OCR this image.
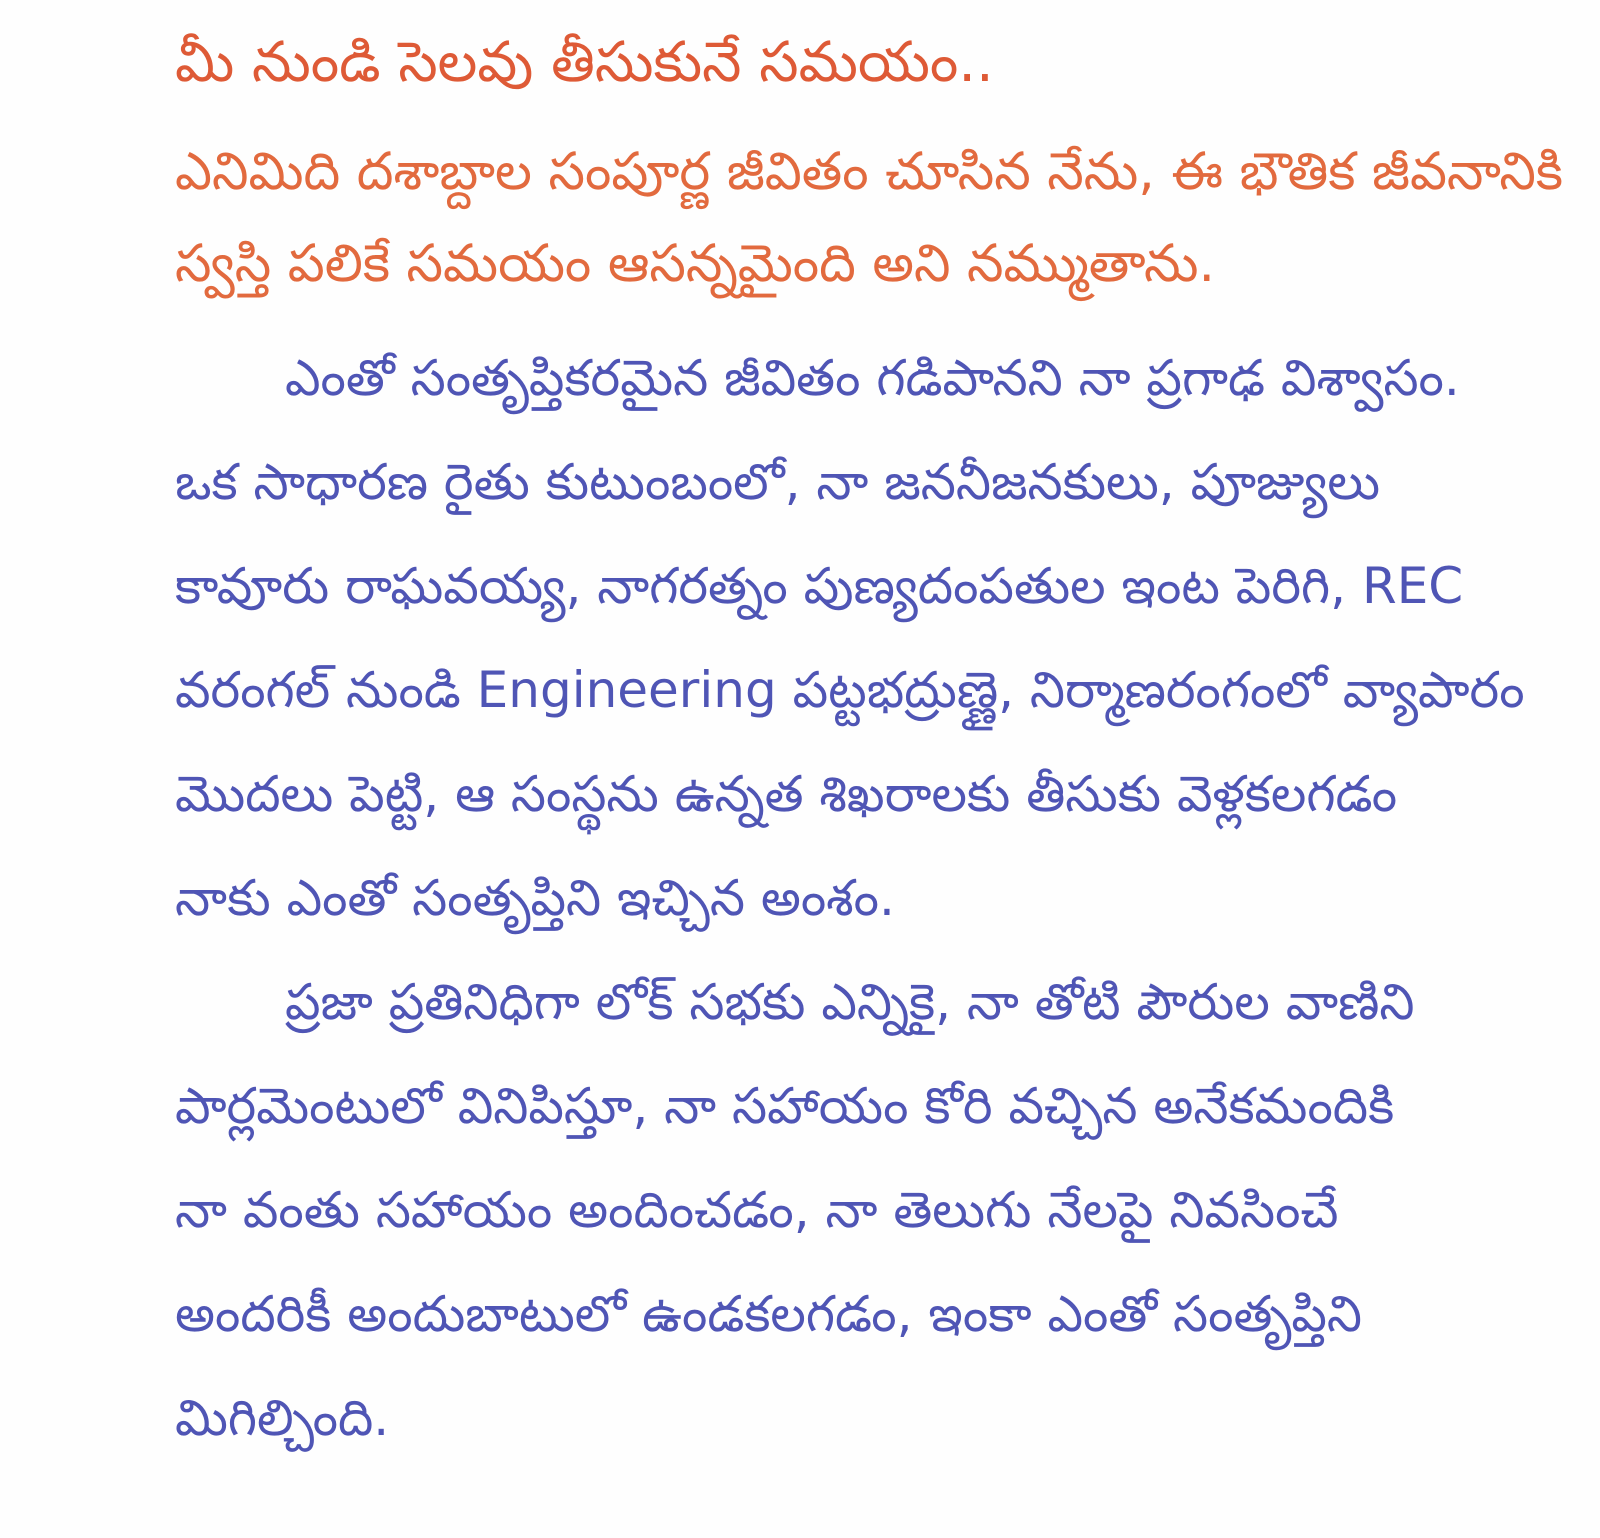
మీ నుండి సెలవు తీసుకునే సమయం..
ఎనిమిది దశాబ్దాల సంపూర్ణ జీవితం చూసిన నేను, ఈ భౌతిక జీవనానికి
స్వస్తి పలికే సమయం ఆసన్నమైంది అని నమ్ముతాను.
ఎంతో సంతృప్తికరమైన జీవితం గడిపానని నా ప్రగాఢ విశ్వాసం.
ఒక సాధారణ రైతు కుటుంబంలో, నా జననీజనకులు, పూజ్యులు
కావూరు రాఘవయ్య, నాగరత్నం పుణ్యదంపతుల ఇంట పెరిగి, REC
వరంగల్ నుండి Engineering పట్టభద్రుణ్ణై, నిర్మాణరంగంలో వ్యాపారం
మొదలు పెట్టి, ఆ సంస్థను ఉన్నత శిఖరాలకు తీసుకు వెళ్లకలగడం
నాకు ఎంతో సంతృప్తిని ఇచ్చిన అంశం.
ప్రజా ప్రతినిధిగా లోక్ సభకు ఎన్నికై, నా తోటి పౌరుల వాణిని
పార్లమెంటులో వినిపిస్తూ, నా సహాయం కోరి వచ్చిన అనేకమందికి
నా వంతు సహాయం అందించడం, నా తెలుగు నేలపై నివసించే
అందరికీ అందుబాటులో ఉండకలగడం, ఇంకా ఎంతో సంతృప్తిని
మిగిల్చింది.
